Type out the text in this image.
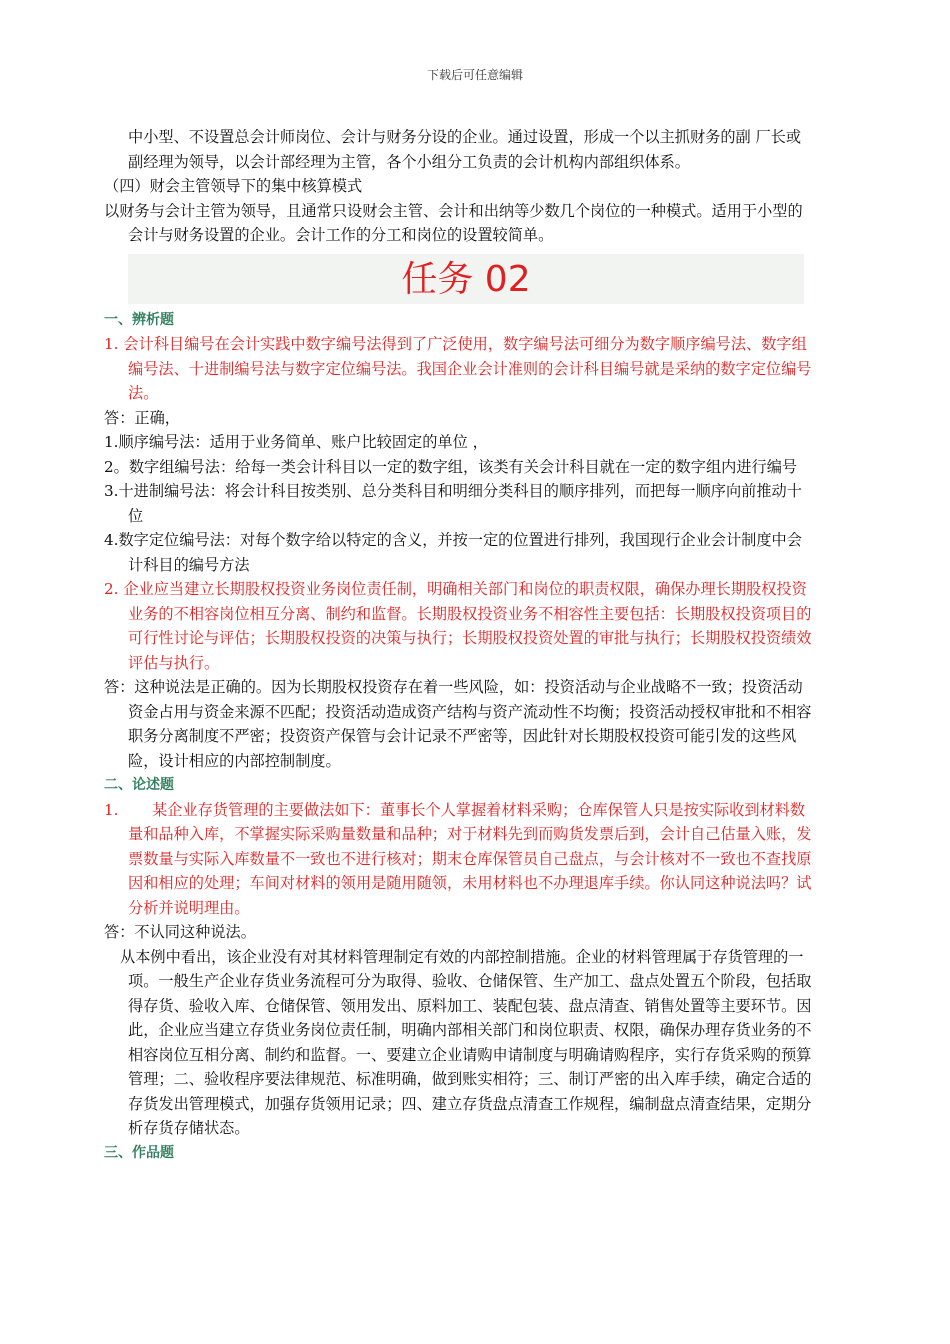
下载后可任意编辑

中小型、不设置总会计师岗位、会计与财务分设的企业。通过设置，形成一个以主抓财务的副 厂长或副经理为领导，以会计部经理为主管，各个小组分工负责的会计机构内部组织体系。

（四）财会主管领导下的集中核算模式

以财务与会计主管为领导，且通常只设财会主管、会计和出纳等少数几个岗位的一种模式。适用于小型的会计与财务设置的企业。会计工作的分工和岗位的设置较简单。

任务 02

一、辨析题

1. 会计科目编号在会计实践中数字编号法得到了广泛使用，数字编号法可细分为数字顺序编号法、数字组编号法、十进制编号法与数字定位编号法。我国企业会计准则的会计科目编号就是采纳的数字定位编号法。

答：正确，

1.顺序编号法：适用于业务简单、账户比较固定的单位 ，

2。数字组编号法：给每一类会计科目以一定的数字组，该类有关会计科目就在一定的数字组内进行编号

3.十进制编号法：将会计科目按类别、总分类科目和明细分类科目的顺序排列，而把每一顺序向前推动十位

4.数字定位编号法：对每个数字给以特定的含义，并按一定的位置进行排列，我国现行企业会计制度中会计科目的编号方法

2. 企业应当建立长期股权投资业务岗位责任制，明确相关部门和岗位的职责权限，确保办理长期股权投资业务的不相容岗位相互分离、制约和监督。长期股权投资业务不相容性主要包括：长期股权投资项目的可行性讨论与评估；长期股权投资的决策与执行；长期股权投资处置的审批与执行；长期股权投资绩效评估与执行。

答：这种说法是正确的。因为长期股权投资存在着一些风险，如：投资活动与企业战略不一致；投资活动资金占用与资金来源不匹配；投资活动造成资产结构与资产流动性不均衡；投资活动授权审批和不相容职务分离制度不严密；投资资产保管与会计记录不严密等，因此针对长期股权投资可能引发的这些风险，设计相应的内部控制制度。

二、论述题

1. 某企业存货管理的主要做法如下：董事长个人掌握着材料采购；仓库保管人只是按实际收到材料数量和品种入库，不掌握实际采购量数量和品种；对于材料先到而购货发票后到，会计自己估量入账，发票数量与实际入库数量不一致也不进行核对；期末仓库保管员自己盘点，与会计核对不一致也不查找原因和相应的处理；车间对材料的领用是随用随领，未用材料也不办理退库手续。你认同这种说法吗？试分析并说明理由。

答：不认同这种说法。

从本例中看出，该企业没有对其材料管理制定有效的内部控制措施。企业的材料管理属于存货管理的一项。一般生产企业存货业务流程可分为取得、验收、仓储保管、生产加工、盘点处置五个阶段，包括取得存货、验收入库、仓储保管、领用发出、原料加工、装配包装、盘点清查、销售处置等主要环节。因此，企业应当建立存货业务岗位责任制，明确内部相关部门和岗位职责、权限，确保办理存货业务的不相容岗位互相分离、制约和监督。一、要建立企业请购申请制度与明确请购程序，实行存货采购的预算管理；二、验收程序要法律规范、标准明确，做到账实相符；三、制订严密的出入库手续，确定合适的存货发出管理模式，加强存货领用记录；四、建立存货盘点清查工作规程，编制盘点清查结果，定期分析存货存储状态。

三、作品题
